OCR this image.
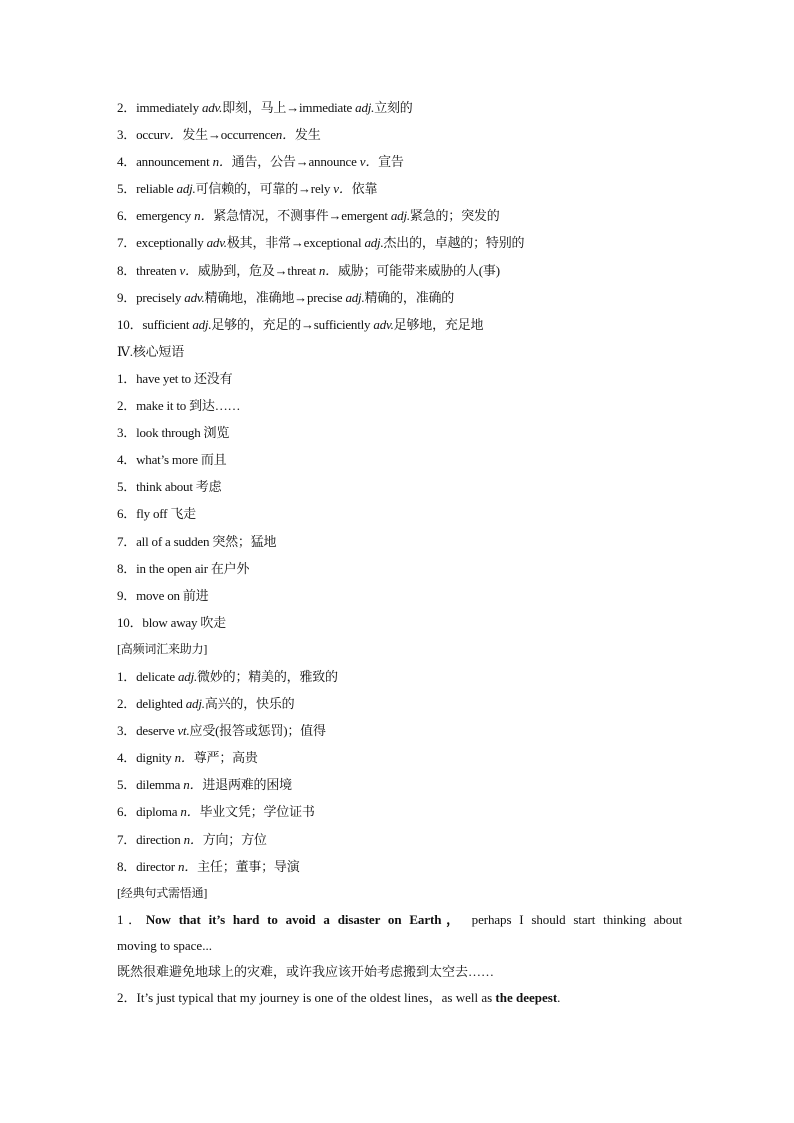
2．immediately adv.即刻，马上→immediate adj.立刻的
3．occurv．发生→occurrencen．发生
4．announcement n．通告，公告→announce v．宣告
5．reliable adj.可信赖的，可靠的→rely v．依靠
6．emergency n．紧急情况，不测事件→emergent adj.紧急的；突发的
7．exceptionally adv.极其，非常→exceptional adj.杰出的，卓越的；特别的
8．threaten v．威胁到，危及→threat n．威胁；可能带来威胁的人(事)
9．precisely adv.精确地，准确地→precise adj.精确的，准确的
10．sufficient adj.足够的，充足的→sufficiently adv.足够地，充足地
Ⅳ.核心短语
1．have yet to 还没有
2．make it to 到达……
3．look through 浏览
4．what’s more 而且
5．think about 考虑
6．fly off 飞走
7．all of a sudden 突然；猛地
8．in the open air 在户外
9．move on 前进
10．blow away 吹走
[高频词汇来助力]
1．delicate adj.微妙的；精美的，雅致的
2．delighted adj.高兴的，快乐的
3．deserve vt.应受(报答或惩罚)；值得
4．dignity n．尊严；高贵
5．dilemma n．进退两难的困境
6．diploma n．毕业文凭；学位证书
7．direction n．方向；方位
8．director n．主任；董事；导演
[经典句式需悟通]
1．Now that it’s hard to avoid a disaster on Earth， perhaps I should start thinking about
moving to space...
既然很难避免地球上的灾难，或许我应该开始考虑搬到太空去……
2．It’s just typical that my journey is one of the oldest lines，as well as the deepest.
